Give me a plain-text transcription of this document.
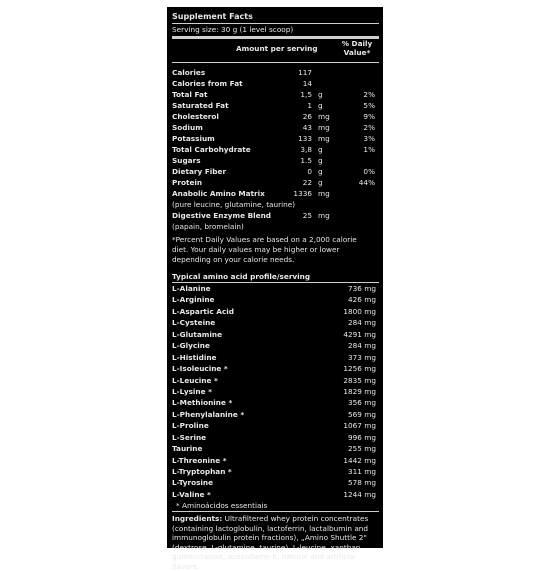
Supplement Facts
Serving size: 30 g (1 level scoop)
Amount per serving
% Daily Value*
Calories	117
Calories from Fat	14
Total Fat	1,5 g	2%
Saturated Fat	1 g	5%
Cholesterol	26 mg	9%
Sodium	43 mg	2%
Potassium	133 mg	3%
Total Carbohydrate	3,8 g	1%
Sugars	1.5 g
Dietary Fiber	0 g	0%
Protein	22 g	44%
Anabolic Amino Matrix	1336 mg
(pure leucine, glutamine, taurine)
Digestive Enzyme Blend	25 mg
(papain, bromelain)
*Percent Daily Values are based on a 2,000 calorie diet. Your daily values may be higher or lower depending on your calorie needs.
Typical amino acid profile/serving
L-Alanine	736 mg
L-Arginine	426 mg
L-Aspartic Acid	1800 mg
L-Cysteine	284 mg
L-Glutamine	4291 mg
L-Glycine	284 mg
L-Histidine	373 mg
L-Isoleucine *	1256 mg
L-Leucine *	2835 mg
L-Lysine *	1829 mg
L-Methionine *	356 mg
L-Phenylalanine *	569 mg
L-Proline	1067 mg
L-Serine	996 mg
Taurine	255 mg
L-Threonine *	1442 mg
L-Tryptophan *	311 mg
L-Tyrosine	578 mg
L-Valine *	1244 mg
* Aminoácidos essentiais
Ingredients: Ultrafiltered whey protein concentrates (containing lactoglobulin, lactoferrin, lactalbumin and immunoglobulin protein fractions), „Amino Shuttle 2" (dextrose, L-glutamine, taurine), L-leucine, xanthan gumsucralose, acesulfame-K, natural and artificial flavors.
